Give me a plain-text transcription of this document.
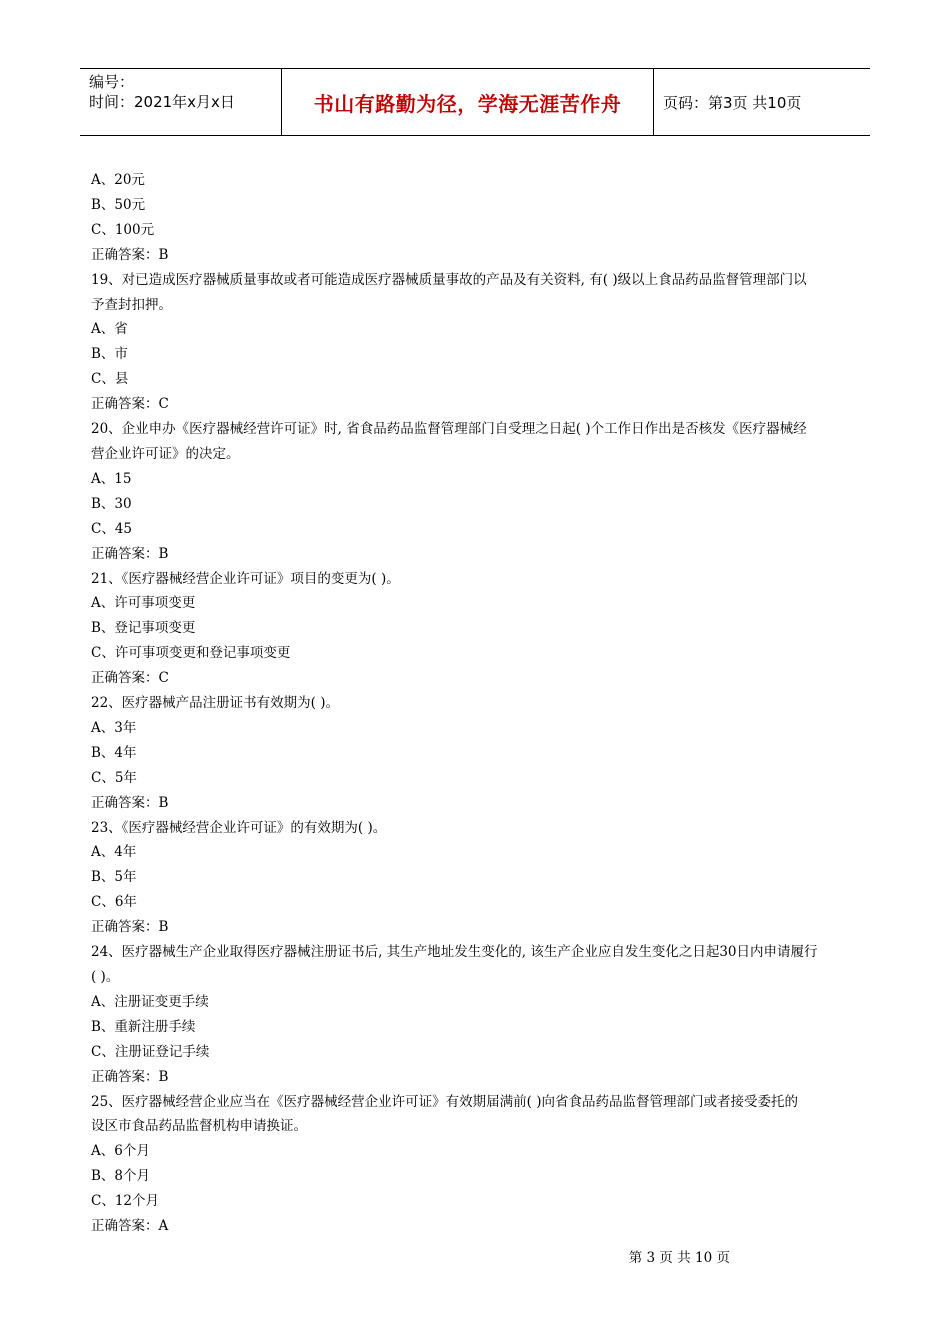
编号：
时间：2021年x月x日	书山有路勤为径，学海无涯苦作舟	页码：第3页 共10页

A、20元

B、50元

C、100元

正确答案：B

19、对已造成医疗器械质量事故或者可能造成医疗器械质量事故的产品及有关资料, 有( )级以上食品药品监督管理部门以

予查封扣押。

A、省

B、市

C、县

正确答案：C

20、企业申办《医疗器械经营许可证》时, 省食品药品监督管理部门自受理之日起( )个工作日作出是否核发《医疗器械经

营企业许可证》的决定。

A、15

B、30

C、45

正确答案：B

21、《医疗器械经营企业许可证》项目的变更为( )。

A、许可事项变更

B、登记事项变更

C、许可事项变更和登记事项变更

正确答案：C

22、医疗器械产品注册证书有效期为( )。

A、3年

B、4年

C、5年

正确答案：B

23、《医疗器械经营企业许可证》的有效期为( )。

A、4年

B、5年

C、6年

正确答案：B

24、医疗器械生产企业取得医疗器械注册证书后, 其生产地址发生变化的, 该生产企业应自发生变化之日起30日内申请履行

( )。

A、注册证变更手续

B、重新注册手续

C、注册证登记手续

正确答案：B

25、医疗器械经营企业应当在《医疗器械经营企业许可证》有效期届满前( )向省食品药品监督管理部门或者接受委托的

设区市食品药品监督机构申请换证。

A、6个月

B、8个月

C、12个月

正确答案：A

第 3 页 共 10 页
